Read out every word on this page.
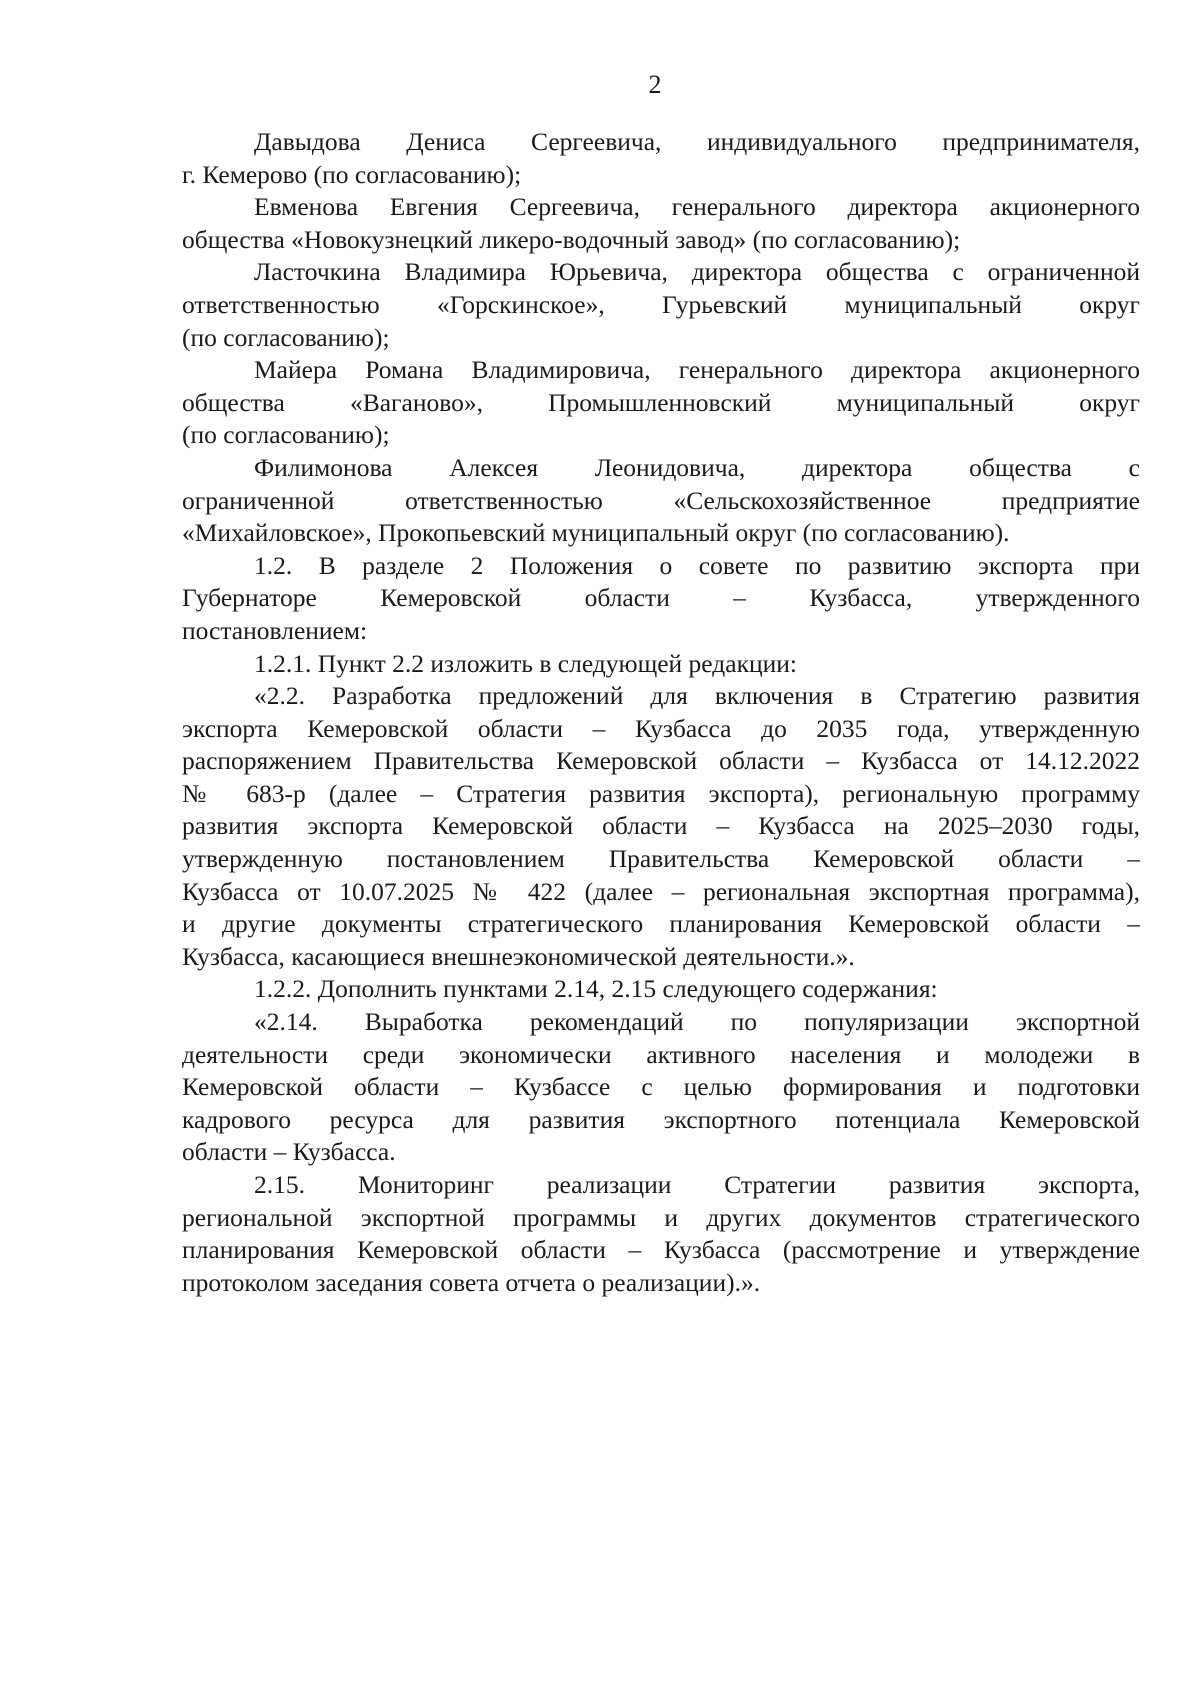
2
Давыдова Дениса Сергеевича, индивидуального предпринимателя,
г. Кемерово (по согласованию);
Евменова Евгения Сергеевича, генерального директора акционерного
общества «Новокузнецкий ликеро-водочный завод» (по согласованию);
Ласточкина Владимира Юрьевича, директора общества с ограниченной
ответственностью «Горскинское», Гурьевский муниципальный округ
(по согласованию);
Майера Романа Владимировича, генерального директора акционерного
общества «Ваганово», Промышленновский муниципальный округ
(по согласованию);
Филимонова Алексея Леонидовича, директора общества с
ограниченной ответственностью «Сельскохозяйственное предприятие
«Михайловское», Прокопьевский муниципальный округ (по согласованию).
1.2. В разделе 2 Положения о совете по развитию экспорта при
Губернаторе Кемеровской области – Кузбасса, утвержденного
постановлением:
1.2.1. Пункт 2.2 изложить в следующей редакции:
«2.2. Разработка предложений для включения в Стратегию развития
экспорта Кемеровской области – Кузбасса до 2035 года, утвержденную
распоряжением Правительства Кемеровской области – Кузбасса от 14.12.2022
№ 683-р (далее – Стратегия развития экспорта), региональную программу
развития экспорта Кемеровской области – Кузбасса на 2025–2030 годы,
утвержденную постановлением Правительства Кемеровской области –
Кузбасса от 10.07.2025 № 422 (далее – региональная экспортная программа),
и другие документы стратегического планирования Кемеровской области –
Кузбасса, касающиеся внешнеэкономической деятельности.».
1.2.2. Дополнить пунктами 2.14, 2.15 следующего содержания:
«2.14. Выработка рекомендаций по популяризации экспортной
деятельности среди экономически активного населения и молодежи в
Кемеровской области – Кузбассе с целью формирования и подготовки
кадрового ресурса для развития экспортного потенциала Кемеровской
области – Кузбасса.
2.15. Мониторинг реализации Стратегии развития экспорта,
региональной экспортной программы и других документов стратегического
планирования Кемеровской области – Кузбасса (рассмотрение и утверждение
протоколом заседания совета отчета о реализации).».
